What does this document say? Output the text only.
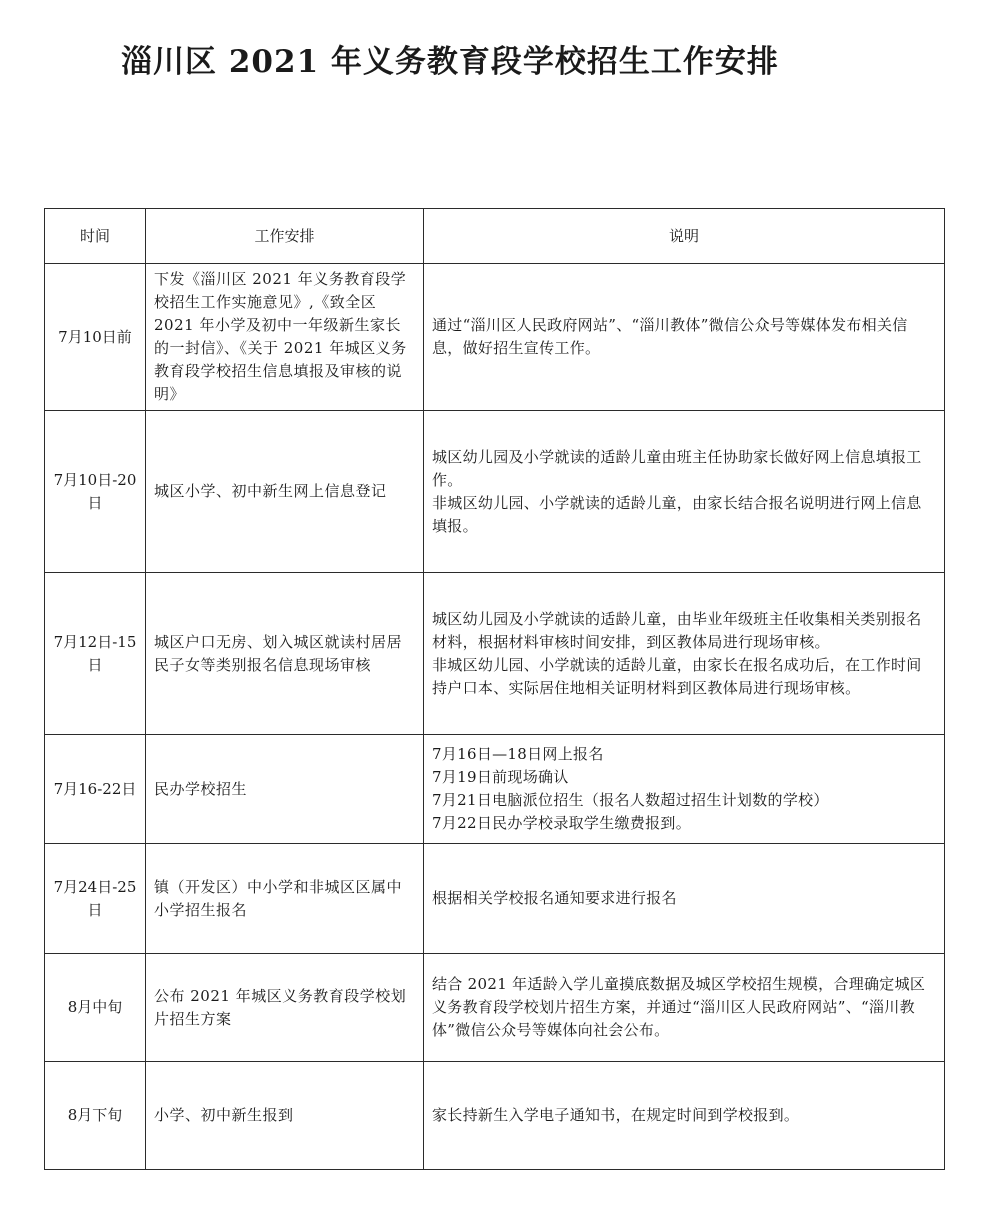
淄川区 2021 年义务教育段学校招生工作安排
时间	工作安排	说明
7月10日前	下发《淄川区 2021 年义务教育段学校招生工作实施意见》,《致全区 2021 年小学及初中一年级新生家长的一封信》、《关于 2021 年城区义务教育段学校招生信息填报及审核的说明》	通过“淄川区人民政府网站”、“淄川教体”微信公众号等媒体发布相关信息，做好招生宣传工作。

7月10日-20日	城区小学、初中新生网上信息登记	城区幼儿园及小学就读的适龄儿童由班主任协助家长做好网上信息填报工作。
非城区幼儿园、小学就读的适龄儿童，由家长结合报名说明进行网上信息填报。

7月12日-15日	城区户口无房、划入城区就读村居居民子女等类别报名信息现场审核	城区幼儿园及小学就读的适龄儿童，由毕业年级班主任收集相关类别报名材料，根据材料审核时间安排，到区教体局进行现场审核。
非城区幼儿园、小学就读的适龄儿童，由家长在报名成功后，在工作时间持户口本、实际居住地相关证明材料到区教体局进行现场审核。

7月16-22日	民办学校招生	7月16日—18日网上报名
7月19日前现场确认
7月21日电脑派位招生（报名人数超过招生计划数的学校）
7月22日民办学校录取学生缴费报到。

7月24日-25日	镇（开发区）中小学和非城区区属中小学招生报名	根据相关学校报名通知要求进行报名

8月中旬	公布 2021 年城区义务教育段学校划片招生方案	结合 2021 年适龄入学儿童摸底数据及城区学校招生规模，合理确定城区义务教育段学校划片招生方案，并通过“淄川区人民政府网站”、“淄川教体”微信公众号等媒体向社会公布。

8月下旬	小学、初中新生报到	家长持新生入学电子通知书，在规定时间到学校报到。
